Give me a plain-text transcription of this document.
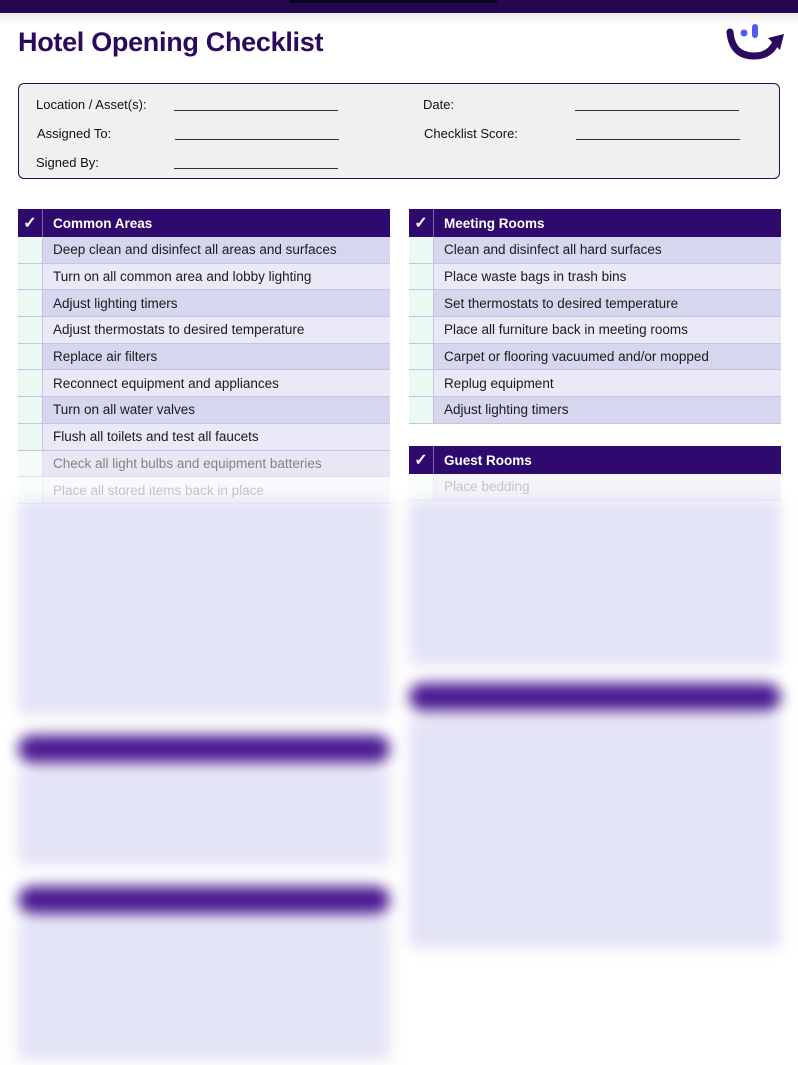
Hotel Opening Checklist
Location / Asset(s):
Assigned To:
Signed By:
Date:
Checklist Score:
✓	Common Areas
Deep clean and disinfect all areas and surfaces
Turn on all common area and lobby lighting
Adjust lighting timers
Adjust thermostats to desired temperature
Replace air filters
Reconnect equipment and appliances
Turn on all water valves
Flush all toilets and test all faucets
Check all light bulbs and equipment batteries
Place all stored items back in place
✓	Meeting Rooms
Clean and disinfect all hard surfaces
Place waste bags in trash bins
Set thermostats to desired temperature
Place all furniture back in meeting rooms
Carpet or flooring vacuumed and/or mopped
Replug equipment
Adjust lighting timers
✓	Guest Rooms
Place bedding
